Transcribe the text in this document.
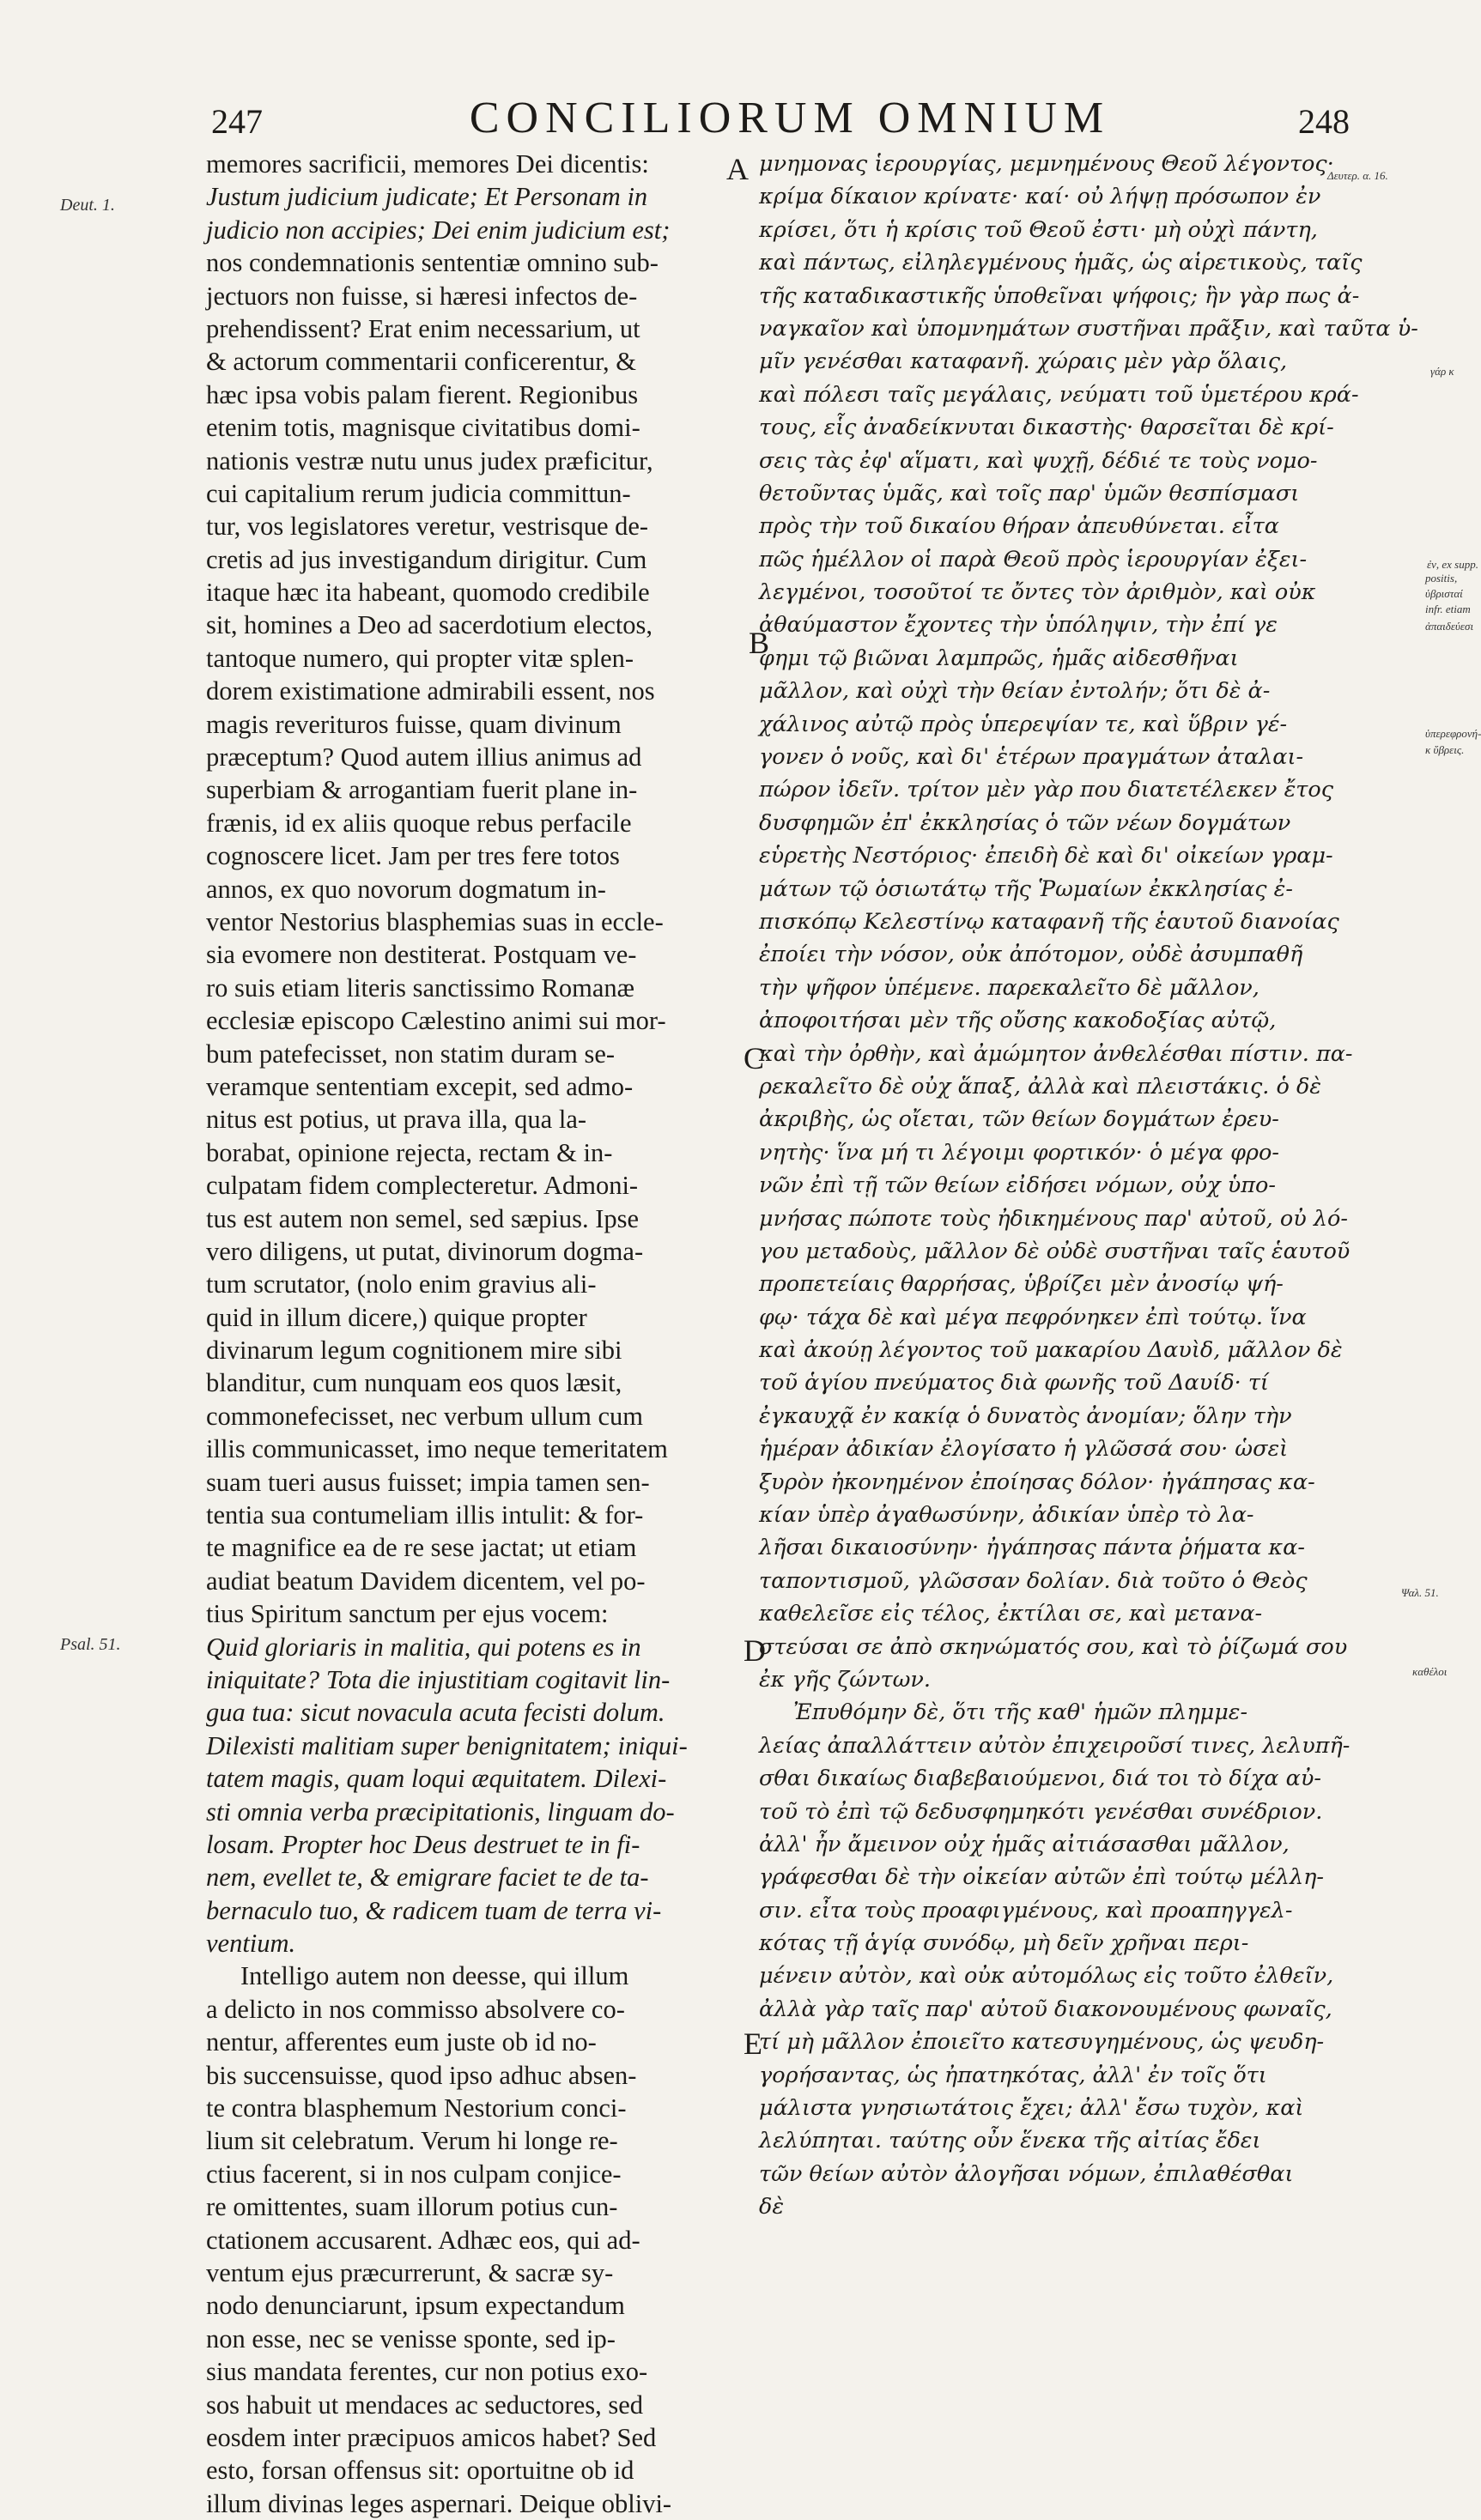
247	CONCILIORUM OMNIUM	248
memores sacrificii, memores Dei dicentis:
Justum judicium judicate; Et Personam in
judicio non accipies; Dei enim judicium est;
nos condemnationis sententiæ omnino sub-
jectuors non fuisse, si hæresi infectos de-
prehendissent? Erat enim necessarium, ut
& actorum commentarii conficerentur, &
hæc ipsa vobis palam fierent. Regionibus
etenim totis, magnisque civitatibus domi-
nationis vestræ nutu unus judex præficitur,
cui capitalium rerum judicia committun-
tur, vos legislatores veretur, vestrisque de-
cretis ad jus investigandum dirigitur. Cum
itaque hæc ita habeant, quomodo credibile
sit, homines a Deo ad sacerdotium electos,
tantoque numero, qui propter vitæ splen-
dorem existimatione admirabili essent, nos
magis reverituros fuisse, quam divinum
præceptum? Quod autem illius animus ad
superbiam & arrogantiam fuerit plane in-
frænis, id ex aliis quoque rebus perfacile
cognoscere licet. Jam per tres fere totos
annos, ex quo novorum dogmatum in-
ventor Nestorius blasphemias suas in eccle-
sia evomere non destiterat. Postquam ve-
ro suis etiam literis sanctissimo Romanæ
ecclesiæ episcopo Cælestino animi sui mor-
bum patefecisset, non statim duram se-
veramque sententiam excepit, sed admo-
nitus est potius, ut prava illa, qua la-
borabat, opinione rejecta, rectam & in-
culpatam fidem complecteretur. Admoni-
tus est autem non semel, sed sæpius. Ipse
vero diligens, ut putat, divinorum dogma-
tum scrutator, (nolo enim gravius ali-
quid in illum dicere,) quique propter
divinarum legum cognitionem mire sibi
blanditur, cum nunquam eos quos læsit,
commonefecisset, nec verbum ullum cum
illis communicasset, imo neque temeritatem
suam tueri ausus fuisset; impia tamen sen-
tentia sua contumeliam illis intulit: & for-
te magnifice ea de re sese jactat; ut etiam
audiat beatum Davidem dicentem, vel po-
tius Spiritum sanctum per ejus vocem:
Quid gloriaris in malitia, qui potens es in
iniquitate? Tota die injustitiam cogitavit lin-
gua tua: sicut novacula acuta fecisti dolum.
Dilexisti malitiam super benignitatem; iniqui-
tatem magis, quam loqui æquitatem. Dilexi-
sti omnia verba præcipitationis, linguam do-
losam. Propter hoc Deus destruet te in fi-
nem, evellet te, & emigrare faciet te de ta-
bernaculo tuo, & radicem tuam de terra vi-
ventium.
Intelligo autem non deesse, qui illum
a delicto in nos commisso absolvere co-
nentur, afferentes eum juste ob id no-
bis succensuisse, quod ipso adhuc absen-
te contra blasphemum Nestorium conci-
lium sit celebratum. Verum hi longe re-
ctius facerent, si in nos culpam conjice-
re omittentes, suam illorum potius cun-
ctationem accusarent. Adhæc eos, qui ad-
ventum ejus præcurrerunt, & sacræ sy-
nodo denunciarunt, ipsum expectandum
non esse, nec se venisse sponte, sed ip-
sius mandata ferentes, cur non potius exo-
sos habuit ut mendaces ac seductores, sed
eosdem inter præcipuos amicos habet? Sed
esto, forsan offensus sit: oportuitne ob id
illum divinas leges aspernari. Deique oblivi-
μνημονας ἱερουργίας, μεμνημένους Θεοῦ λέγοντος·
κρίμα δίκαιον κρίνατε· καί· οὐ λήψῃ πρόσωπον ἐν
κρίσει, ὅτι ἡ κρίσις τοῦ Θεοῦ ἐστι· μὴ οὐχὶ πάντη,
καὶ πάντως, εἰληλεγμένους ἡμᾶς, ὡς αἱρετικοὺς, ταῖς
τῆς καταδικαστικῆς ὑποθεῖναι ψήφοις; ἣν γὰρ πως ἀ-
ναγκαῖον καὶ ὑπομνημάτων συστῆναι πρᾶξιν, καὶ ταῦτα ὑ-
μῖν γενέσθαι καταφανῆ. χώραις μὲν γὰρ ὅλαις,
καὶ πόλεσι ταῖς μεγάλαις, νεύματι τοῦ ὑμετέρου κρά-
τους, εἷς ἀναδείκνυται δικαστὴς· θαρσεῖται δὲ κρί-
σεις τὰς ἐφ' αἵματι, καὶ ψυχῇ, δέδιέ τε τοὺς νομο-
θετοῦντας ὑμᾶς, καὶ τοῖς παρ' ὑμῶν θεσπίσμασι
πρὸς τὴν τοῦ δικαίου θήραν ἀπευθύνεται. εἶτα
πῶς ἡμέλλον οἱ παρὰ Θεοῦ πρὸς ἱερουργίαν ἐξει-
λεγμένοι, τοσοῦτοί τε ὄντες τὸν ἀριθμὸν, καὶ οὐκ
ἀθαύμαστον ἔχοντες τὴν ὑπόληψιν, τὴν ἐπί γε
φημι τῷ βιῶναι λαμπρῶς, ἡμᾶς αἰδεσθῆναι
μᾶλλον, καὶ οὐχὶ τὴν θείαν ἐντολήν; ὅτι δὲ ἀ-
χάλινος αὐτῷ πρὸς ὑπερεψίαν τε, καὶ ὕβριν γέ-
γονεν ὁ νοῦς, καὶ δι' ἑτέρων πραγμάτων ἀταλαι-
πώρον ἰδεῖν. τρίτον μὲν γὰρ που διατετέλεκεν ἔτος
δυσφημῶν ἐπ' ἐκκλησίας ὁ τῶν νέων δογμάτων
εὑρετὴς Νεστόριος· ἐπειδὴ δὲ καὶ δι' οἰκείων γραμ-
μάτων τῷ ὁσιωτάτῳ τῆς Ῥωμαίων ἐκκλησίας ἐ-
πισκόπῳ Κελεστίνῳ καταφανῆ τῆς ἑαυτοῦ διανοίας
ἐποίει τὴν νόσον, οὐκ ἀπότομον, οὐδὲ ἀσυμπαθῆ
τὴν ψῆφον ὑπέμενε. παρεκαλεῖτο δὲ μᾶλλον,
ἀποφοιτήσαι μὲν τῆς οὔσης κακοδοξίας αὐτῷ,
καὶ τὴν ὀρθὴν, καὶ ἀμώμητον ἀνθελέσθαι πίστιν. πα-
ρεκαλεῖτο δὲ οὐχ ἅπαξ, ἀλλὰ καὶ πλειστάκις. ὁ δὲ
ἀκριβὴς, ὡς οἴεται, τῶν θείων δογμάτων ἐρευ-
νητὴς· ἵνα μή τι λέγοιμι φορτικόν· ὁ μέγα φρο-
νῶν ἐπὶ τῇ τῶν θείων εἰδήσει νόμων, οὐχ ὑπο-
μνήσας πώποτε τοὺς ἠδικημένους παρ' αὐτοῦ, οὐ λό-
γου μεταδοὺς, μᾶλλον δὲ οὐδὲ συστῆναι ταῖς ἑαυτοῦ
προπετείαις θαρρήσας, ὑβρίζει μὲν ἀνοσίῳ ψή-
φῳ· τάχα δὲ καὶ μέγα πεφρόνηκεν ἐπὶ τούτῳ. ἵνα
καὶ ἀκούῃ λέγοντος τοῦ μακαρίου Δαυὶδ, μᾶλλον δὲ
τοῦ ἁγίου πνεύματος διὰ φωνῆς τοῦ Δαυίδ· τί
ἐγκαυχᾷ ἐν κακίᾳ ὁ δυνατὸς ἀνομίαν; ὅλην τὴν
ἡμέραν ἀδικίαν ἐλογίσατο ἡ γλῶσσά σου· ὡσεὶ
ξυρὸν ἠκονημένον ἐποίησας δόλον· ἠγάπησας κα-
κίαν ὑπὲρ ἀγαθωσύνην, ἀδικίαν ὑπὲρ τὸ λα-
λῆσαι δικαιοσύνην· ἠγάπησας πάντα ῥήματα κα-
ταποντισμοῦ, γλῶσσαν δολίαν. διὰ τοῦτο ὁ Θεὸς
καθελεῖσε εἰς τέλος, ἐκτίλαι σε, καὶ μετανα-
στεύσαι σε ἀπὸ σκηνώματός σου, καὶ τὸ ῥίζωμά σου
ἐκ γῆς ζώντων.
Ἐπυθόμην δὲ, ὅτι τῆς καθ' ἡμῶν πλημμε-
λείας ἀπαλλάττειν αὐτὸν ἐπιχειροῦσί τινες, λελυπῆ-
σθαι δικαίως διαβεβαιούμενοι, διά τοι τὸ δίχα αὐ-
τοῦ τὸ ἐπὶ τῷ δεδυσφημηκότι γενέσθαι συνέδριον.
ἀλλ' ἦν ἄμεινον οὐχ ἡμᾶς αἰτιάσασθαι μᾶλλον,
γράφεσθαι δὲ τὴν οἰκείαν αὐτῶν ἐπὶ τούτῳ μέλλη-
σιν. εἶτα τοὺς προαφιγμένους, καὶ προαπηγγελ-
κότας τῇ ἁγίᾳ συνόδῳ, μὴ δεῖν χρῆναι περι-
μένειν αὐτὸν, καὶ οὐκ αὐτομόλως εἰς τοῦτο ἐλθεῖν,
ἀλλὰ γὰρ ταῖς παρ' αὐτοῦ διακονουμένους φωναῖς,
τί μὴ μᾶλλον ἐποιεῖτο κατεσυγημένους, ὡς ψευδη-
γορήσαντας, ὡς ἠπατηκότας, ἀλλ' ἐν τοῖς ὅτι
μάλιστα γνησιωτάτοις ἔχει; ἀλλ' ἔσω τυχὸν, καὶ
λελύπηται. ταύτης οὖν ἕνεκα τῆς αἰτίας ἔδει
τῶν θείων αὐτὸν ἀλογῆσαι νόμων, ἐπιλαθέσθαι
δὲ
Deut. 1.
Psal. 51.
A
B
C
D
E
Δευτερ. α. 16.
γάρ κ
ἐν, ex supp.
positis,
ὑβρισταί
infr. etiam
ἀπαιδεύεσι
ὑπερεφρονή-
κ ὕβρεις.
Ψαλ. 51.
καθέλοι
